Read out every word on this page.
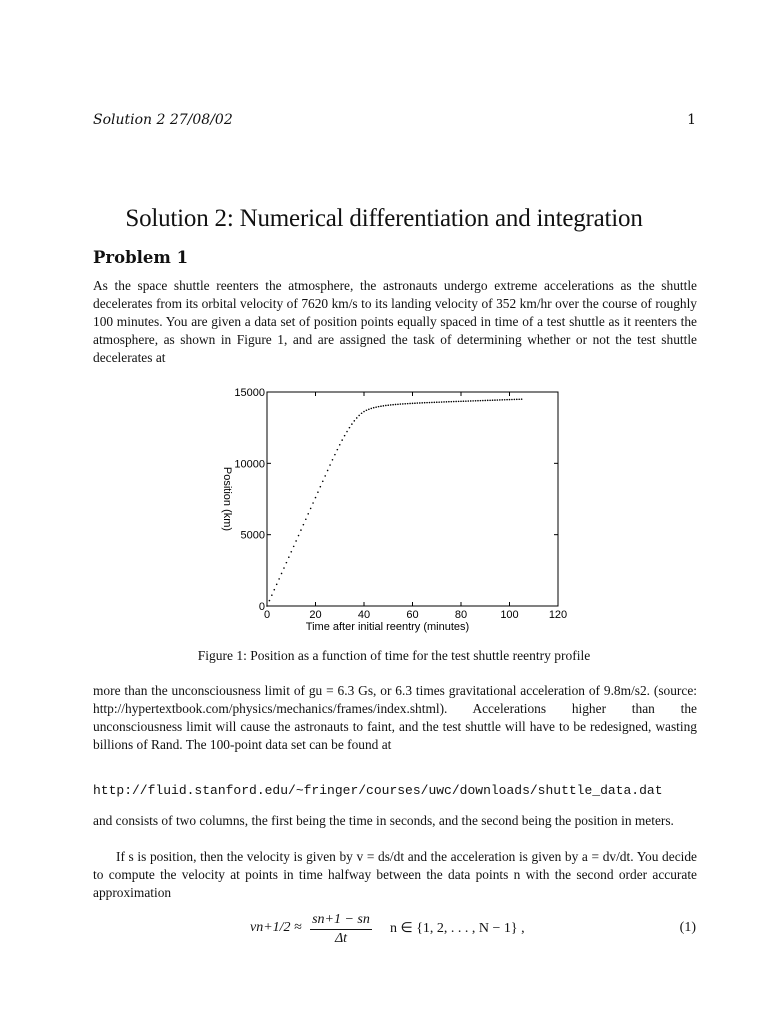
Solution 2 27/08/02	1
Solution 2: Numerical differentiation and integration
Problem 1
As the space shuttle reenters the atmosphere, the astronauts undergo extreme accelerations as the shuttle decelerates from its orbital velocity of 7620 km/s to its landing velocity of 352 km/hr over the course of roughly 100 minutes. You are given a data set of position points equally spaced in time of a test shuttle as it reenters the atmosphere, as shown in Figure 1, and are assigned the task of determining whether or not the test shuttle decelerates at
0	20	40	60	80	100	120
0
5000
10000
15000
Time after initial reentry (minutes)
Position (km)
Figure 1: Position as a function of time for the test shuttle reentry profile
more than the unconsciousness limit of gu = 6.3 Gs, or 6.3 times gravitational acceleration of 9.8m/s2. (source: http://hypertextbook.com/physics/mechanics/frames/index.shtml). Accelerations higher than the unconsciousness limit will cause the astronauts to faint, and the test shuttle will have to be redesigned, wasting billions of Rand. The 100-point data set can be found at
http://fluid.stanford.edu/~fringer/courses/uwc/downloads/shuttle_data.dat
and consists of two columns, the first being the time in seconds, and the second being the position in meters.
If s is position, then the velocity is given by v = ds/dt and the acceleration is given by a = dv/dt. You decide to compute the velocity at points in time halfway between the data points n with the second order accurate approximation
$vn+1/2 \approx \frac{sn+1 - sn}{\Delta t}$ n ∈ {1, 2, . . . , N − 1} ,	(1)
